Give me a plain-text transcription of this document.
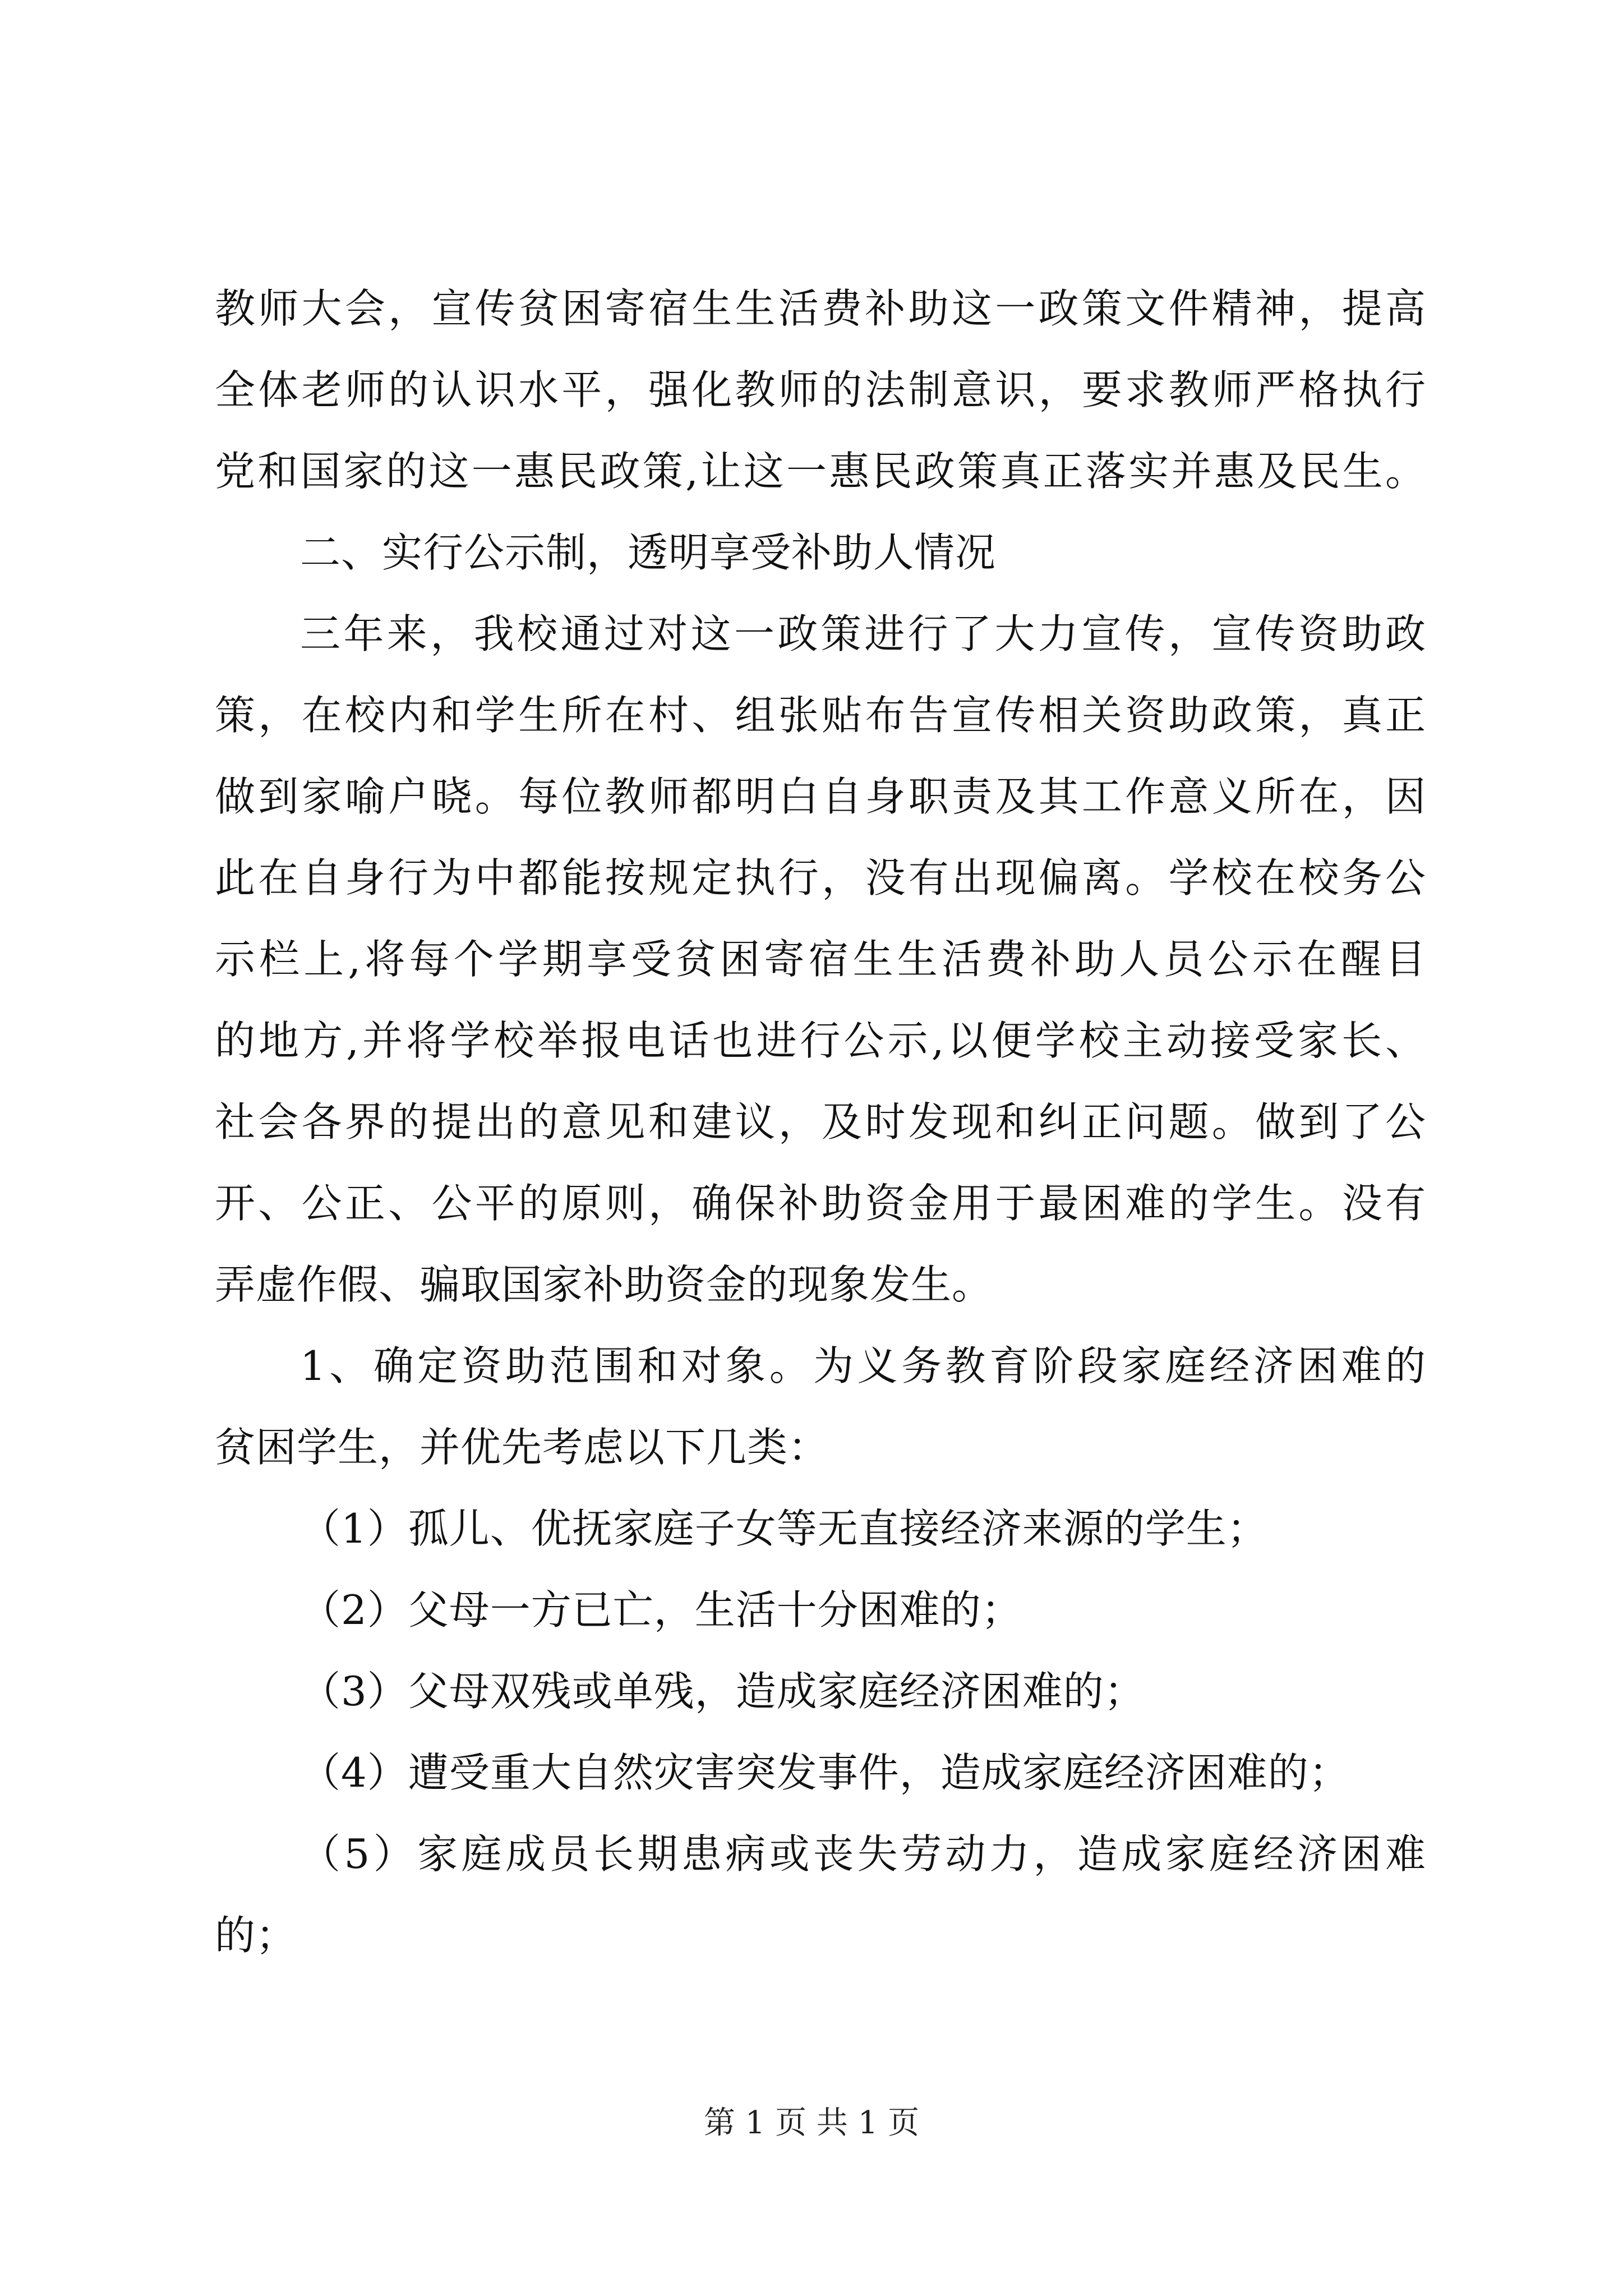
教师大会，宣传贫困寄宿生生活费补助这一政策文件精神，提高
全体老师的认识水平，强化教师的法制意识，要求教师严格执行
党和国家的这一惠民政策,让这一惠民政策真正落实并惠及民生。
二、实行公示制，透明享受补助人情况
三年来，我校通过对这一政策进行了大力宣传，宣传资助政
策，在校内和学生所在村、组张贴布告宣传相关资助政策，真正
做到家喻户晓。每位教师都明白自身职责及其工作意义所在，因
此在自身行为中都能按规定执行，没有出现偏离。学校在校务公
示栏上,将每个学期享受贫困寄宿生生活费补助人员公示在醒目
的地方,并将学校举报电话也进行公示,以便学校主动接受家长、
社会各界的提出的意见和建议，及时发现和纠正问题。做到了公
开、公正、公平的原则，确保补助资金用于最困难的学生。没有
弄虚作假、骗取国家补助资金的现象发生。
1、确定资助范围和对象。为义务教育阶段家庭经济困难的
贫困学生，并优先考虑以下几类：
（1）孤儿、优抚家庭子女等无直接经济来源的学生；
（2）父母一方已亡，生活十分困难的；
（3）父母双残或单残，造成家庭经济困难的；
（4）遭受重大自然灾害突发事件，造成家庭经济困难的；
（5）家庭成员长期患病或丧失劳动力，造成家庭经济困难
的；
第 1 页 共 1 页
